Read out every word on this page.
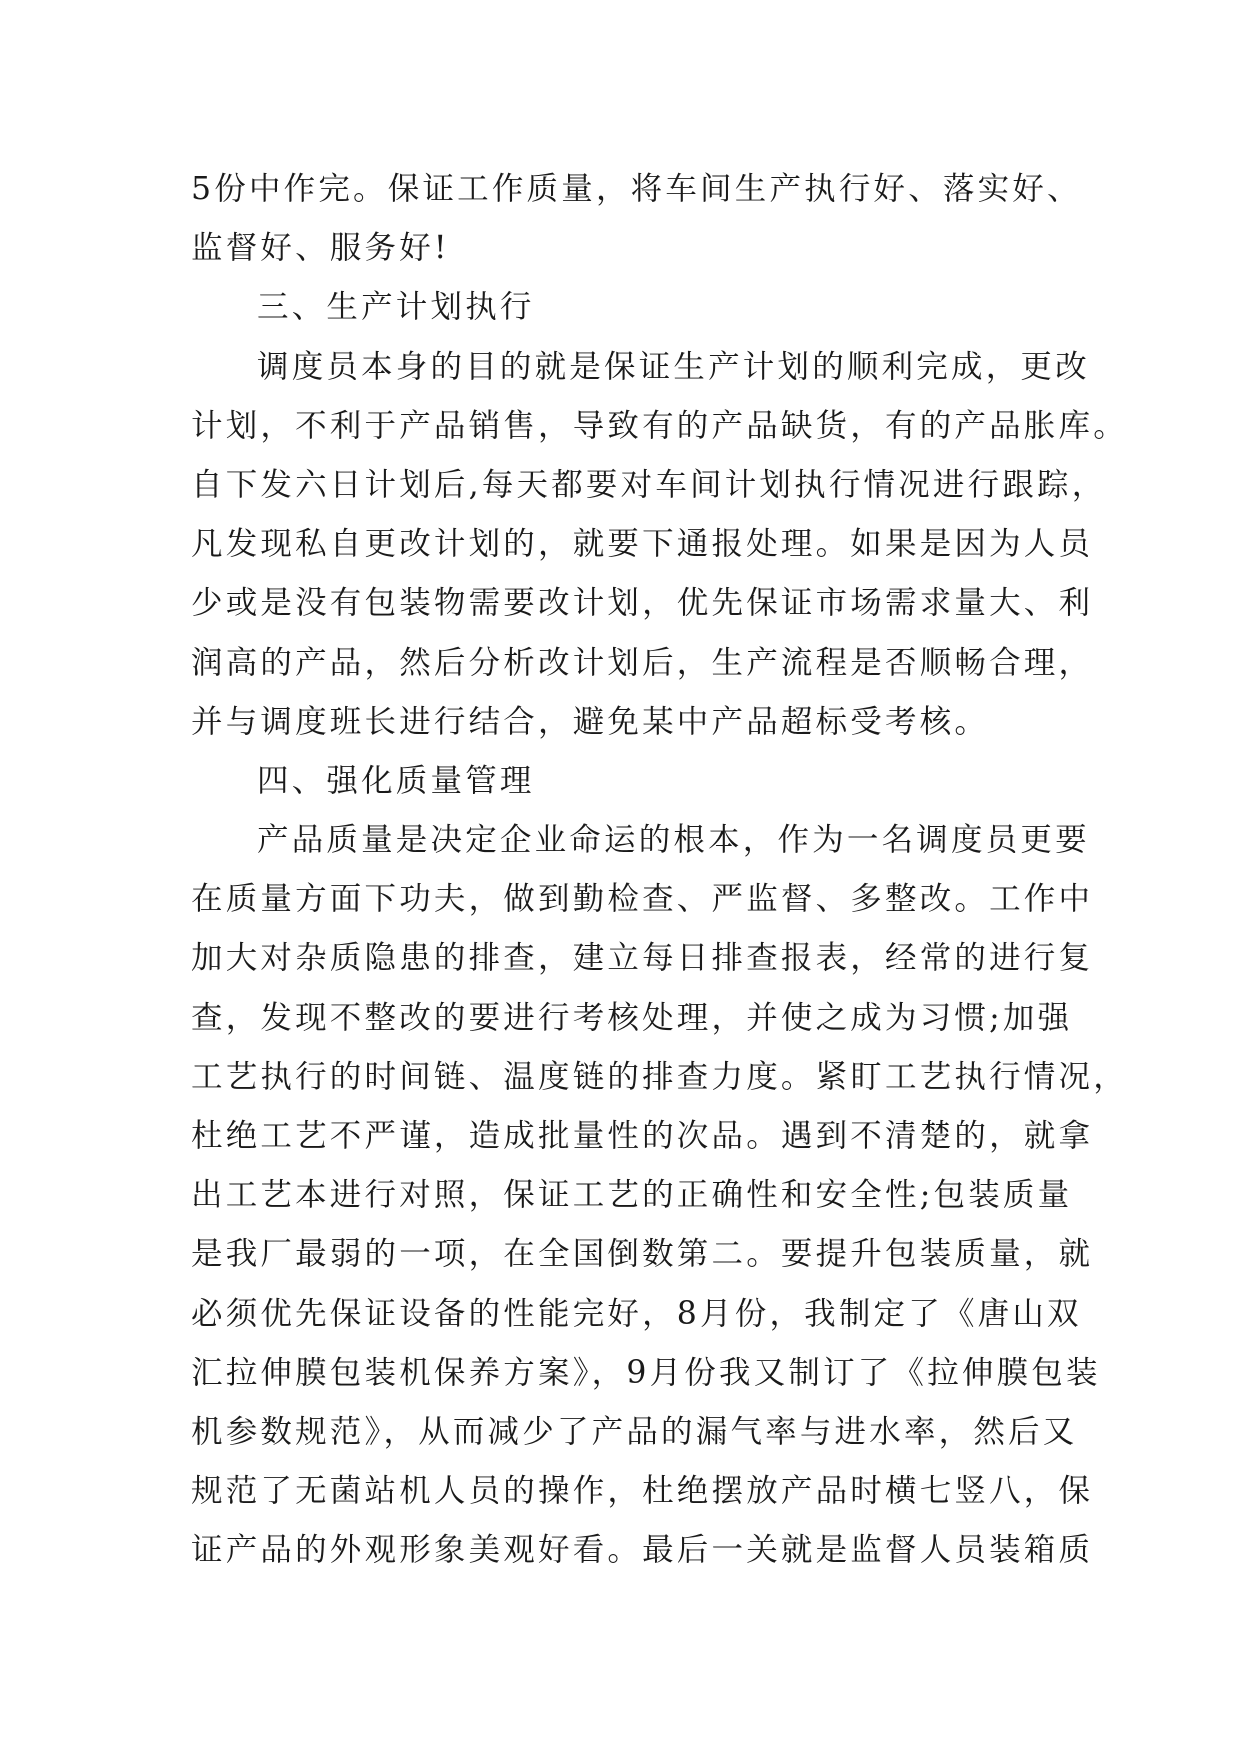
5份中作完。保证工作质量，将车间生产执行好、落实好、
监督好、服务好!
三、生产计划执行
调度员本身的目的就是保证生产计划的顺利完成，更改
计划，不利于产品销售，导致有的产品缺货，有的产品胀库。
自下发六日计划后,每天都要对车间计划执行情况进行跟踪，
凡发现私自更改计划的，就要下通报处理。如果是因为人员
少或是没有包装物需要改计划，优先保证市场需求量大、利
润高的产品，然后分析改计划后，生产流程是否顺畅合理，
并与调度班长进行结合，避免某中产品超标受考核。
四、强化质量管理
产品质量是决定企业命运的根本，作为一名调度员更要
在质量方面下功夫，做到勤检查、严监督、多整改。工作中
加大对杂质隐患的排查，建立每日排查报表，经常的进行复
查，发现不整改的要进行考核处理，并使之成为习惯;加强
工艺执行的时间链、温度链的排查力度。紧盯工艺执行情况，
杜绝工艺不严谨，造成批量性的次品。遇到不清楚的，就拿
出工艺本进行对照，保证工艺的正确性和安全性;包装质量
是我厂最弱的一项，在全国倒数第二。要提升包装质量，就
必须优先保证设备的性能完好，8月份，我制定了《唐山双
汇拉伸膜包装机保养方案》，9月份我又制订了《拉伸膜包装
机参数规范》，从而减少了产品的漏气率与进水率，然后又
规范了无菌站机人员的操作，杜绝摆放产品时横七竖八，保
证产品的外观形象美观好看。最后一关就是监督人员装箱质
